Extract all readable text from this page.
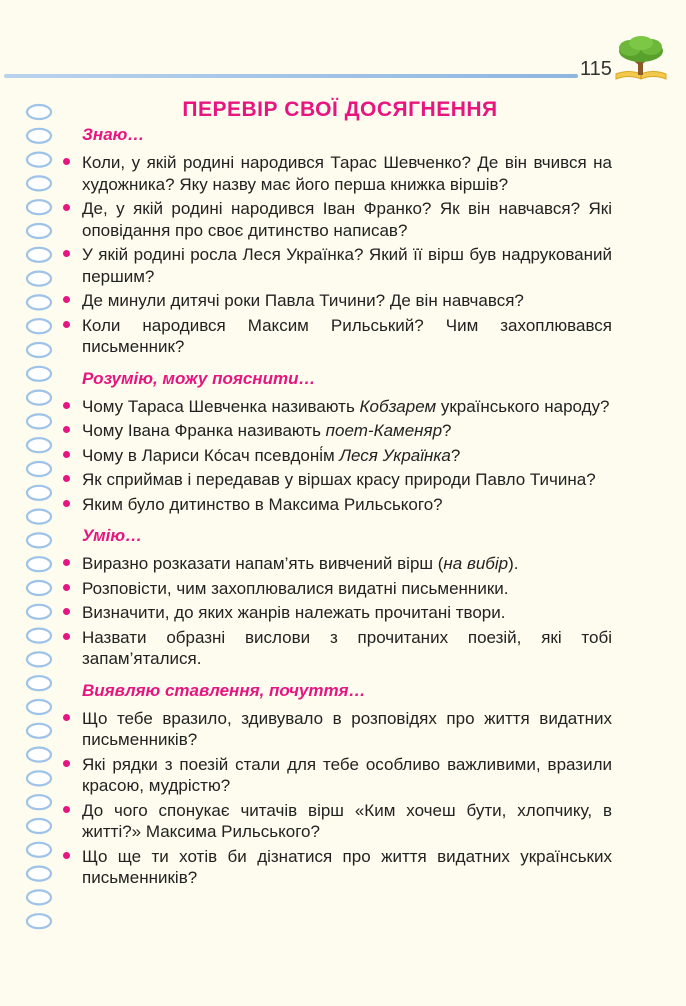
115
ПЕРЕВІР СВОЇ ДОСЯГНЕННЯ
Знаю…
Коли, у якій родині народився Тарас Шевченко? Де він вчився на художника? Яку назву має його перша книжка віршів?
Де, у якій родині народився Іван Франко? Як він навчався? Які оповідання про своє дитинство написав?
У якій родині росла Леся Українка? Який її вірш був надрукований першим?
Де минули дитячі роки Павла Тичини? Де він навчався?
Коли народився Максим Рильський? Чим захоплювався письменник?
Розумію, можу пояснити…
Чому Тараса Шевченка називають Кобзарем українського народу?
Чому Івана Франка називають поет-Каменяр?
Чому в Лариси Ко́сач псевдоні́м Леся Українка?
Як сприймав і передавав у віршах красу природи Павло Тичина?
Яким було дитинство в Максима Рильського?
Умію…
Виразно розказати напам’ять вивчений вірш (на вибір).
Розповісти, чим захоплювалися видатні письменники.
Визначити, до яких жанрів належать прочитані твори.
Назвати образні вислови з прочитаних поезій, які тобі запам’яталися.
Виявляю ставлення, почуття…
Що тебе вразило, здивувало в розповідях про життя видатних письменників?
Які рядки з поезій стали для тебе особливо важливими, вразили красою, мудрістю?
До чого спонукає читачів вірш «Ким хочеш бути, хлопчику, в житті?» Максима Рильського?
Що ще ти хотів би дізнатися про життя видатних українських письменників?
